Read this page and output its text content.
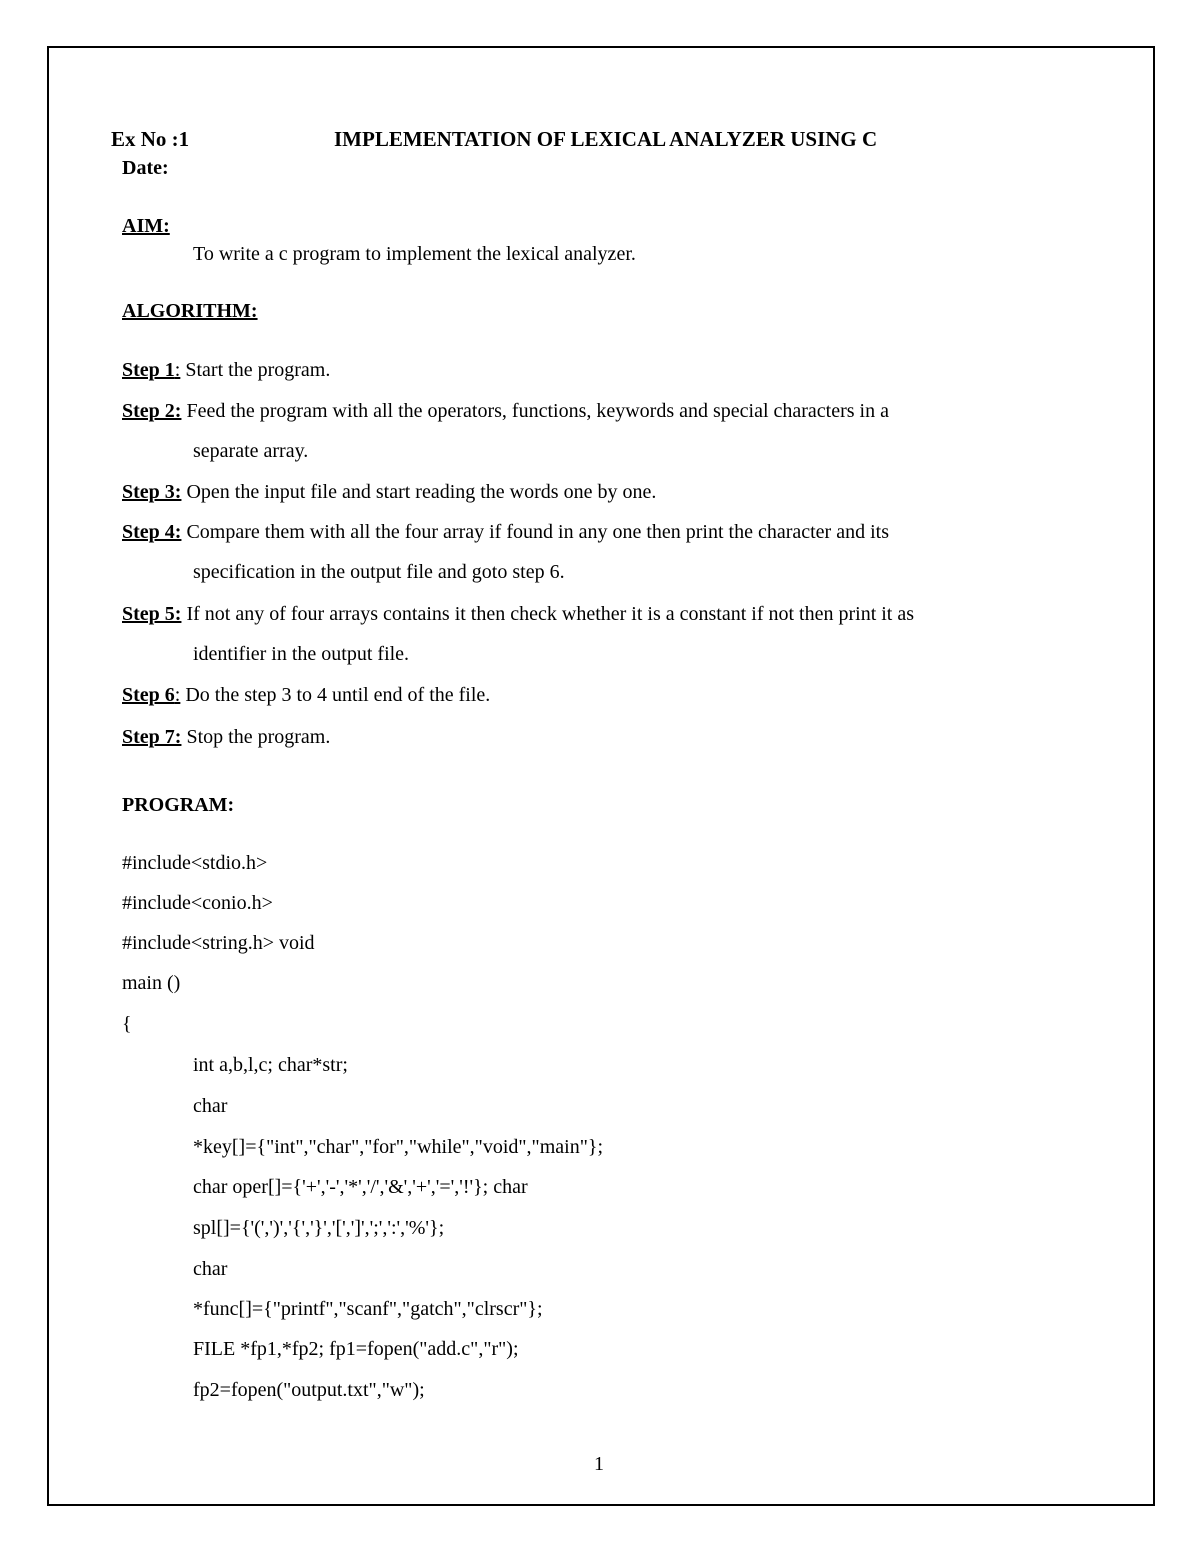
Ex No :1	IMPLEMENTATION OF LEXICAL ANALYZER USING C
Date:
AIM:
To write a c program to implement the lexical analyzer.
ALGORITHM:
Step 1: Start the program.
Step 2: Feed the program with all the operators, functions, keywords and special characters in a
separate array.
Step 3: Open the input file and start reading the words one by one.
Step 4: Compare them with all the four array if found in any one then print the character and its
specification in the output file and goto step 6.
Step 5: If not any of four arrays contains it then check whether it is a constant if not then print it as
identifier in the output file.
Step 6: Do the step 3 to 4 until end of the file.
Step 7: Stop the program.
PROGRAM:
#include<stdio.h>
#include<conio.h>
#include<string.h> void
main ()
{
int a,b,l,c; char*str;
char
*key[]={"int","char","for","while","void","main"};
char oper[]={'+','-','*','/','&','+','=','!'}; char
spl[]={'(',')','{','}','[',']',';',':','%'};
char
*func[]={"printf","scanf","gatch","clrscr"};
FILE *fp1,*fp2; fp1=fopen("add.c","r");
fp2=fopen("output.txt","w");
1
